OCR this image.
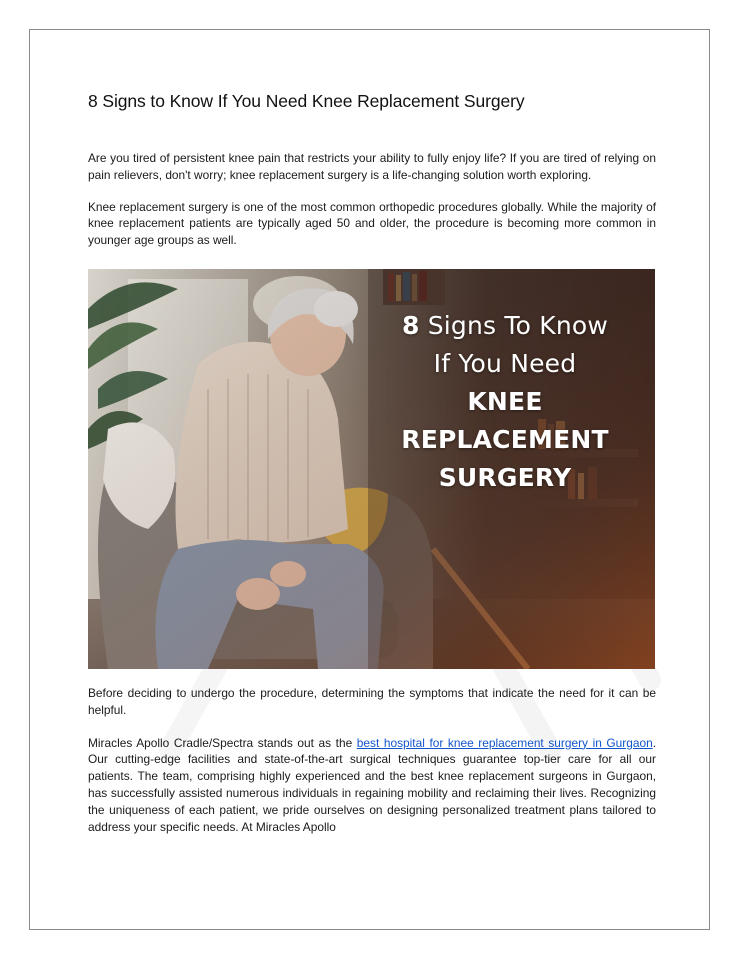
8 Signs to Know If You Need Knee Replacement Surgery

Are you tired of persistent knee pain that restricts your ability to fully enjoy life? If you are tired of relying on pain relievers, don't worry; knee replacement surgery is a life-changing solution worth exploring.

Knee replacement surgery is one of the most common orthopedic procedures globally. While the majority of knee replacement patients are typically aged 50 and older, the procedure is becoming more common in younger age groups as well.

8 Signs To Know
If You Need
KNEE
REPLACEMENT
SURGERY

Before deciding to undergo the procedure, determining the symptoms that indicate the need for it can be helpful.

Miracles Apollo Cradle/Spectra stands out as the best hospital for knee replacement surgery in Gurgaon. Our cutting-edge facilities and state-of-the-art surgical techniques guarantee top-tier care for all our patients. The team, comprising highly experienced and the best knee replacement surgeons in Gurgaon, has successfully assisted numerous individuals in regaining mobility and reclaiming their lives. Recognizing the uniqueness of each patient, we pride ourselves on designing personalized treatment plans tailored to address your specific needs. At Miracles Apollo
